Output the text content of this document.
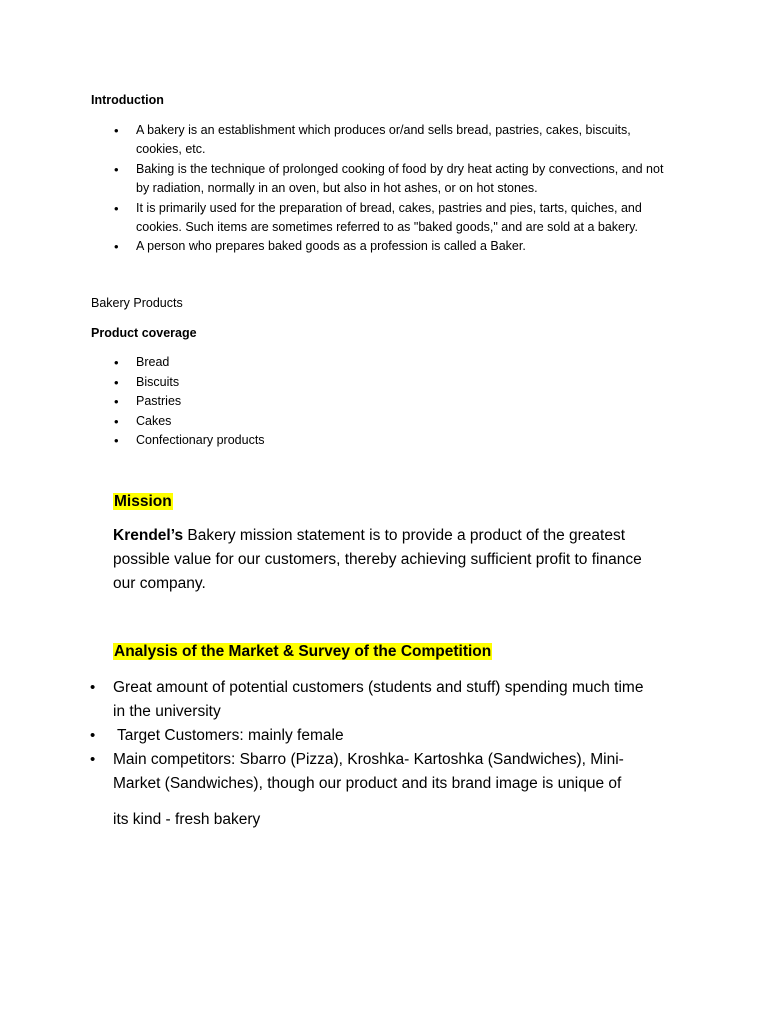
Introduction
• A bakery is an establishment which produces or/and sells bread, pastries, cakes, biscuits,
cookies, etc.
• Baking is the technique of prolonged cooking of food by dry heat acting by convections, and not
by radiation, normally in an oven, but also in hot ashes, or on hot stones.
• It is primarily used for the preparation of bread, cakes, pastries and pies, tarts, quiches, and
cookies. Such items are sometimes referred to as "baked goods," and are sold at a bakery.
• A person who prepares baked goods as a profession is called a Baker.
Bakery Products
Product coverage
• Bread
• Biscuits
• Pastries
• Cakes
• Confectionary products
Mission
Krendel’s Bakery mission statement is to provide a product of the greatest
possible value for our customers, thereby achieving sufficient profit to finance
our company.
Analysis of the Market & Survey of the Competition
• Great amount of potential customers (students and stuff) spending much time
in the university
• Target Customers: mainly female
• Main competitors: Sbarro (Pizza), Kroshka- Kartoshka (Sandwiches), Mini-
Market (Sandwiches), though our product and its brand image is unique of
its kind - fresh bakery
